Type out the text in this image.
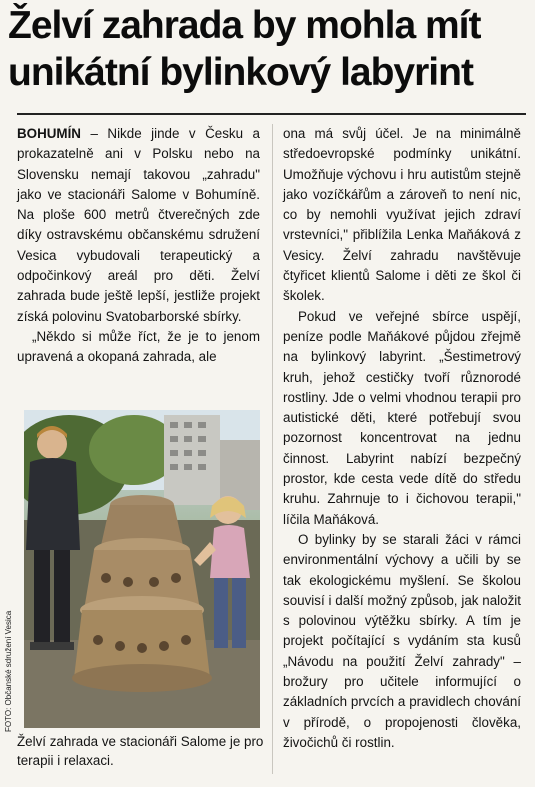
Želví zahrada by mohla mít
unikátní bylinkový labyrint

BOHUMÍN – Nikde jinde v Česku a prokazatelně ani v Polsku nebo na Slovensku nemají takovou „zahradu" jako ve stacionáři Salome v Bohumíně. Na ploše 600 metrů čtverečných zde díky ostravskému občanskému sdružení Vesica vybudovali terapeutický a odpočinkový areál pro děti. Želví zahrada bude ještě lepší, jestliže projekt získá polovinu Svatobarborské sbírky.

„Někdo si může říct, že je to jenom upravená a okopaná zahrada, ale

FOTO: Občanské sdružení Vesica
Želví zahrada ve stacionáři Salome je pro terapii i relaxaci.

ona má svůj účel. Je na minimálně středoevropské podmínky unikátní. Umožňuje výchovu i hru autistům stejně jako vozíčkářům a zároveň to není nic, co by nemohli využívat jejich zdraví vrstevníci," přiblížila Lenka Maňáková z Vesicy. Želví zahradu navštěvuje čtyřicet klientů Salome i děti ze škol či školek.

Pokud ve veřejné sbírce uspějí, peníze podle Maňákové půjdou zřejmě na bylinkový labyrint. „Šestimetrový kruh, jehož cestičky tvoří různorodé rostliny. Jde o velmi vhodnou terapii pro autistické děti, které potřebují svou pozornost koncentrovat na jednu činnost. Labyrint nabízí bezpečný prostor, kde cesta vede dítě do středu kruhu. Zahrnuje to i čichovou terapii," líčila Maňáková.

O bylinky by se starali žáci v rámci environmentální výchovy a učili by se tak ekologickému myšlení. Se školou souvisí i další možný způsob, jak naložit s polovinou výtěžku sbírky. A tím je projekt počítající s vydáním sta kusů „Návodu na použití Želví zahrady" – brožury pro učitele informující o základních prvcích a pravidlech chování v přírodě, o propojenosti člověka, živočichů či rostlin.
